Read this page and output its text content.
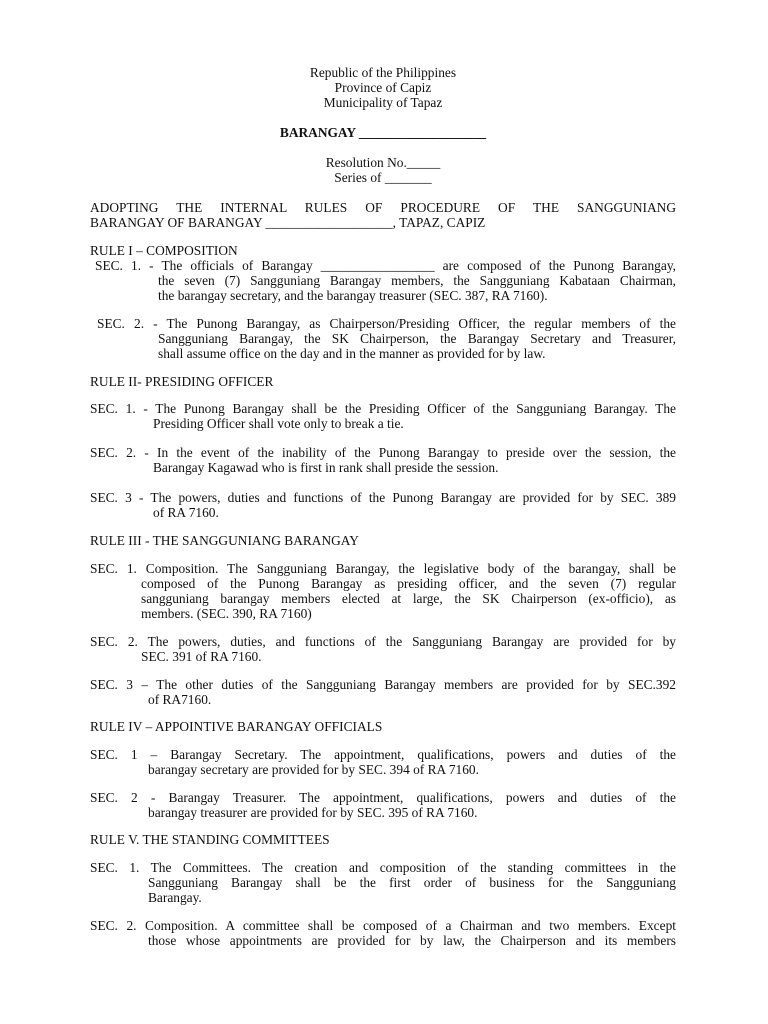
Republic of the Philippines
Province of Capiz
Municipality of Tapaz
BARANGAY ___________________
Resolution No._____
Series of _______
ADOPTING THE INTERNAL RULES OF PROCEDURE OF THE SANGGUNIANG
BARANGAY OF BARANGAY ___________________, TAPAZ, CAPIZ
RULE I – COMPOSITION
SEC. 1. - The officials of Barangay _________________ are composed of the Punong Barangay,
the seven (7) Sangguniang Barangay members, the Sangguniang Kabataan Chairman,
the barangay secretary, and the barangay treasurer (SEC. 387, RA 7160).
SEC. 2. - The Punong Barangay, as Chairperson/Presiding Officer, the regular members of the
Sangguniang Barangay, the SK Chairperson, the Barangay Secretary and Treasurer,
shall assume office on the day and in the manner as provided for by law.
RULE II- PRESIDING OFFICER
SEC. 1. - The Punong Barangay shall be the Presiding Officer of the Sangguniang Barangay. The
Presiding Officer shall vote only to break a tie.
SEC. 2. - In the event of the inability of the Punong Barangay to preside over the session, the
Barangay Kagawad who is first in rank shall preside the session.
SEC. 3 - The powers, duties and functions of the Punong Barangay are provided for by SEC. 389
of RA 7160.
RULE III - THE SANGGUNIANG BARANGAY
SEC. 1. Composition. The Sangguniang Barangay, the legislative body of the barangay, shall be
composed of the Punong Barangay as presiding officer, and the seven (7) regular
sangguniang barangay members elected at large, the SK Chairperson (ex-officio), as
members. (SEC. 390, RA 7160)
SEC. 2. The powers, duties, and functions of the Sangguniang Barangay are provided for by
SEC. 391 of RA 7160.
SEC. 3 – The other duties of the Sangguniang Barangay members are provided for by SEC.392
of RA7160.
RULE IV – APPOINTIVE BARANGAY OFFICIALS
SEC. 1 – Barangay Secretary. The appointment, qualifications, powers and duties of the
barangay secretary are provided for by SEC. 394 of RA 7160.
SEC. 2 - Barangay Treasurer. The appointment, qualifications, powers and duties of the
barangay treasurer are provided for by SEC. 395 of RA 7160.
RULE V. THE STANDING COMMITTEES
SEC. 1. The Committees. The creation and composition of the standing committees in the
Sangguniang Barangay shall be the first order of business for the Sangguniang
Barangay.
SEC. 2. Composition. A committee shall be composed of a Chairman and two members. Except
those whose appointments are provided for by law, the Chairperson and its members
